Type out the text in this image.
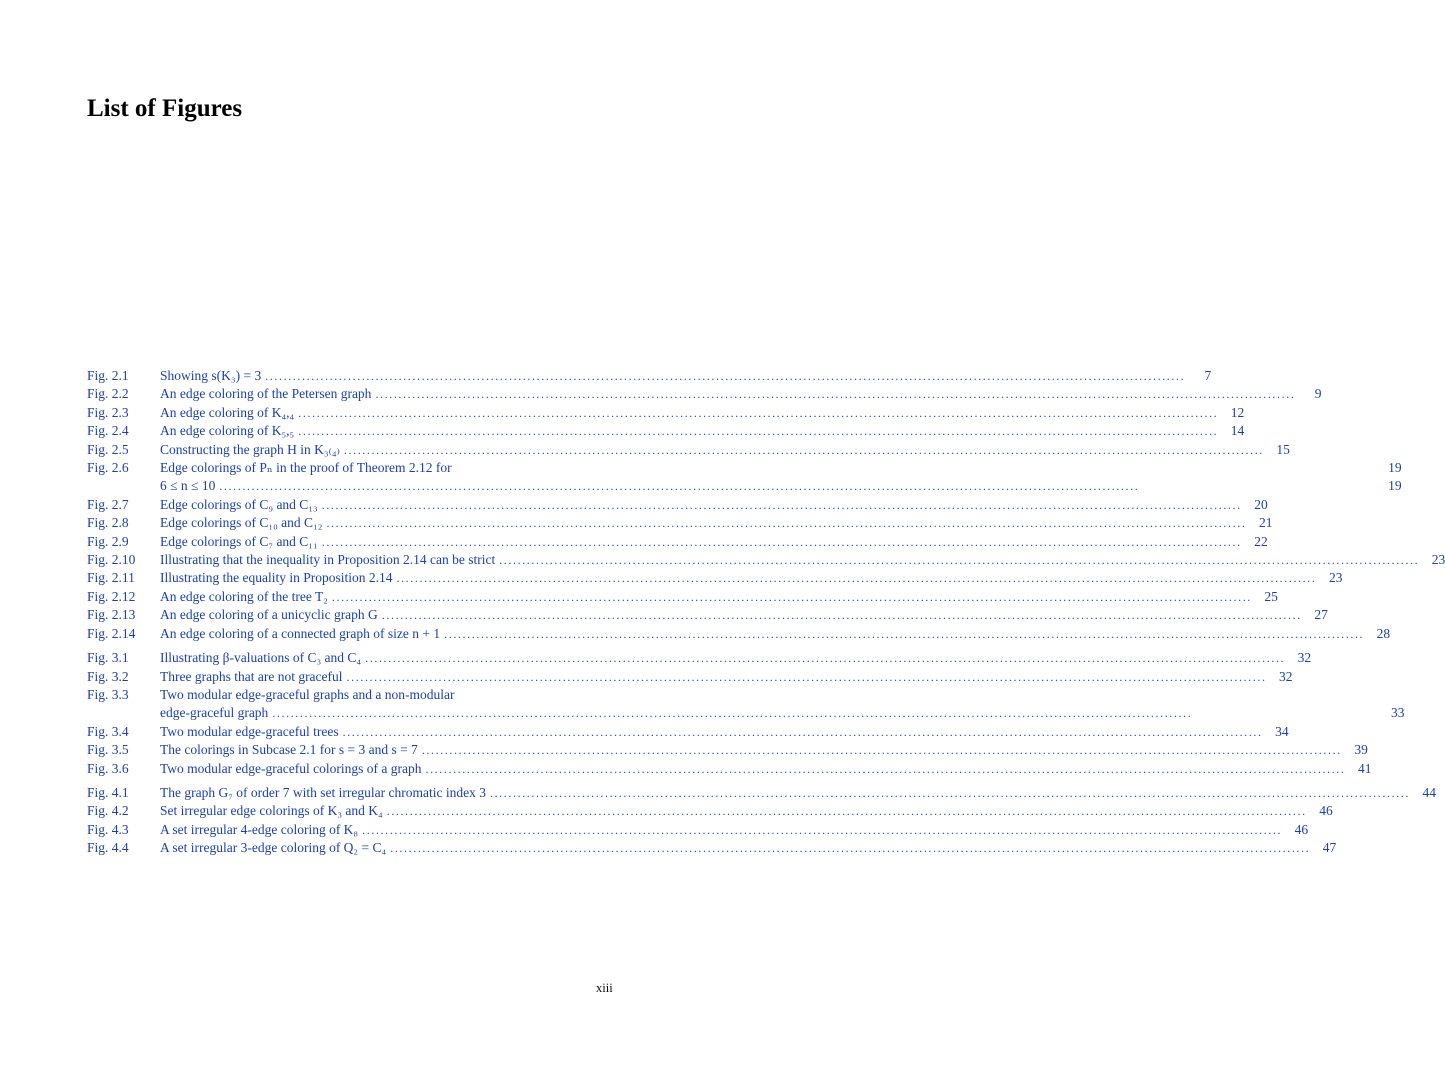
List of Figures
Fig. 2.1	Showing s(K₃) = 3 ........................................................................................................................................................................................................	7
Fig. 2.2	An edge coloring of the Petersen graph ........................................................................................................................................................................................................	9
Fig. 2.3	An edge coloring of K₄,₄ ........................................................................................................................................................................................................ 12
Fig. 2.4	An edge coloring of K₅,₅ ........................................................................................................................................................................................................ 14
Fig. 2.5	Constructing the graph H in K₃₍₄₎ ........................................................................................................................................................................................................ 15
Fig. 2.6	Edge colorings of Pₙ in the proof of Theorem 2.12 for	19
6 ≤ n ≤ 10 ........................................................................................................................................................................................................	19
Fig. 2.7	Edge colorings of C₉ and C₁₃ ........................................................................................................................................................................................................ 20
Fig. 2.8	Edge colorings of C₁₀ and C₁₂ ........................................................................................................................................................................................................ 21
Fig. 2.9	Edge colorings of C₇ and C₁₁ ........................................................................................................................................................................................................ 22
Fig. 2.10	Illustrating that the inequality in Proposition 2.14 can be strict ........................................................................................................................................................................................................ 23
Fig. 2.11	Illustrating the equality in Proposition 2.14 ........................................................................................................................................................................................................ 23
Fig. 2.12	An edge coloring of the tree T₂ ........................................................................................................................................................................................................ 25
Fig. 2.13	An edge coloring of a unicyclic graph G ........................................................................................................................................................................................................ 27
Fig. 2.14	An edge coloring of a connected graph of size n + 1 ........................................................................................................................................................................................................ 28
Fig. 3.1	Illustrating β-valuations of C₃ and C₄ ........................................................................................................................................................................................................ 32
Fig. 3.2	Three graphs that are not graceful ........................................................................................................................................................................................................ 32
Fig. 3.3	Two modular edge-graceful graphs and a non-modular
edge-graceful graph ........................................................................................................................................................................................................	33
Fig. 3.4	Two modular edge-graceful trees ........................................................................................................................................................................................................ 34
Fig. 3.5	The colorings in Subcase 2.1 for s = 3 and s = 7 ........................................................................................................................................................................................................ 39
Fig. 3.6	Two modular edge-graceful colorings of a graph ........................................................................................................................................................................................................ 41
Fig. 4.1	The graph G₇ of order 7 with set irregular chromatic index 3 ........................................................................................................................................................................................................ 44
Fig. 4.2	Set irregular edge colorings of K₃ and K₄ ........................................................................................................................................................................................................ 46
Fig. 4.3	A set irregular 4-edge coloring of K₈ ........................................................................................................................................................................................................ 46
Fig. 4.4	A set irregular 3-edge coloring of Q₂ = C₄ ........................................................................................................................................................................................................ 47
xiii
